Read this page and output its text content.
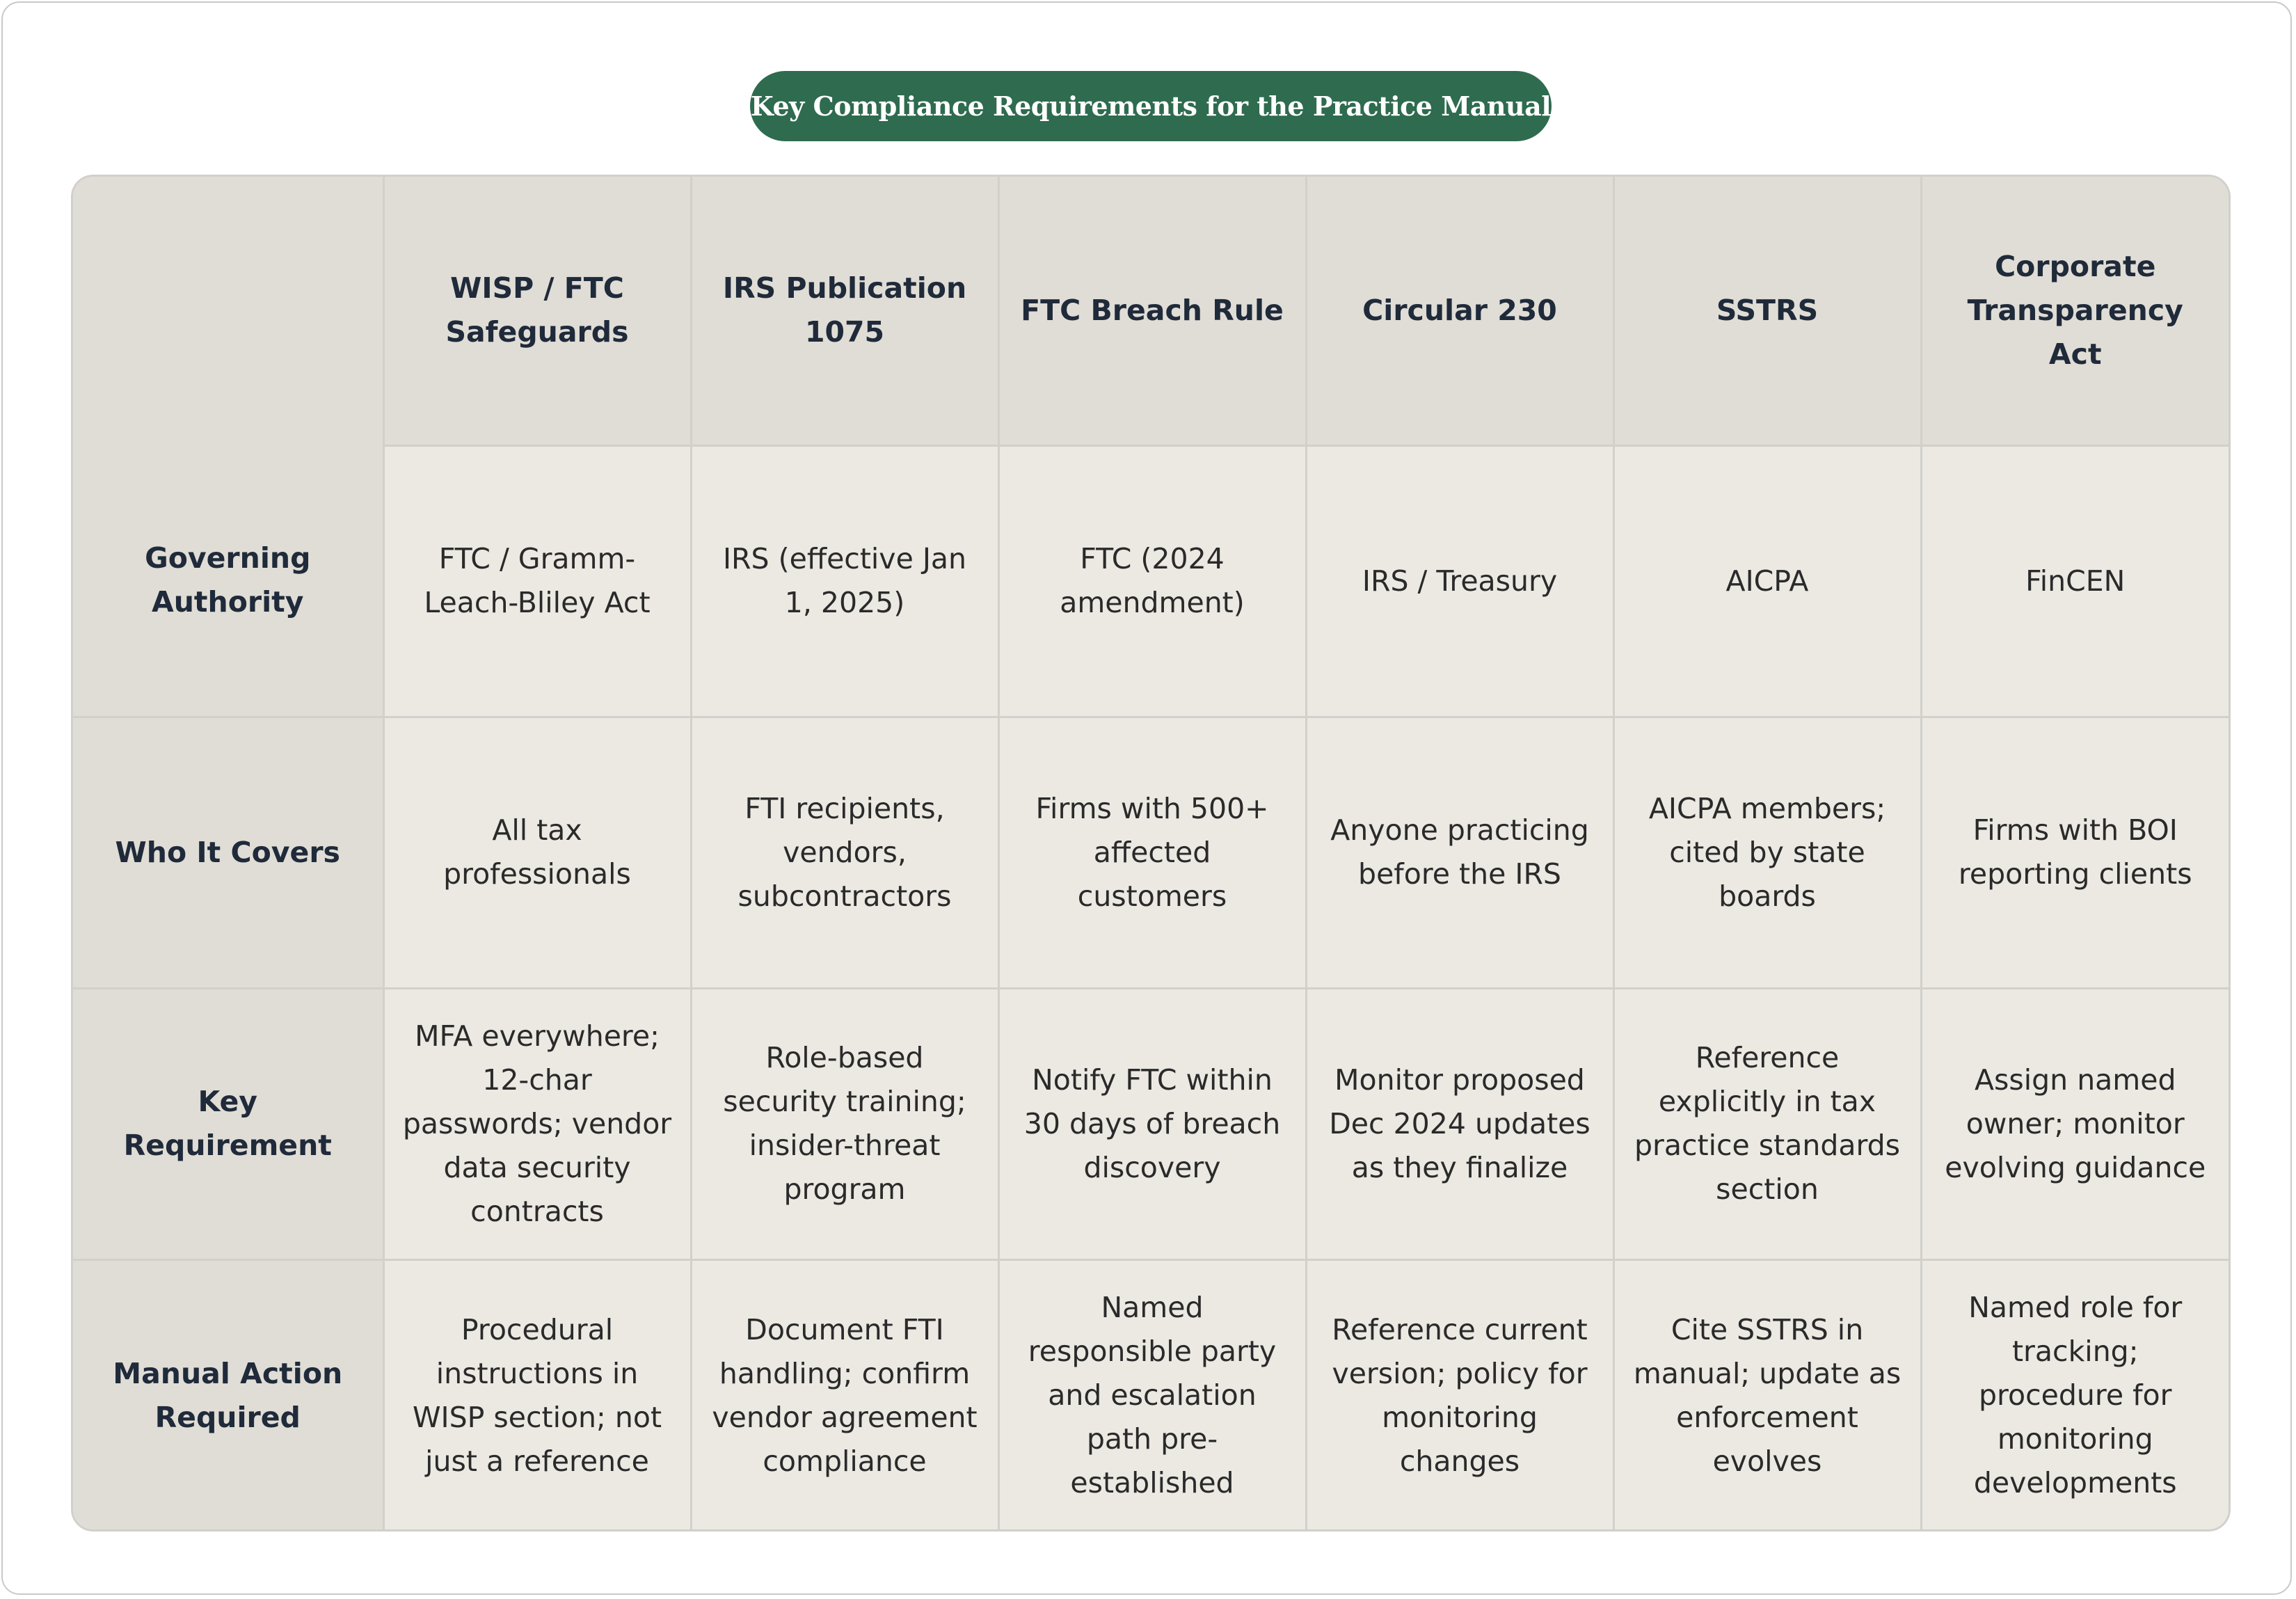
Key Compliance Requirements for the Practice Manual
	WISP / FTC Safeguards	IRS Publication 1075	FTC Breach Rule	Circular 230	SSTRS	Corporate Transparency Act
Governing Authority	FTC / Gramm-Leach-Bliley Act	IRS (effective Jan 1, 2025)	FTC (2024 amendment)	IRS / Treasury	AICPA	FinCEN
Who It Covers	All tax professionals	FTI recipients, vendors, subcontractors	Firms with 500+ affected customers	Anyone practicing before the IRS	AICPA members; cited by state boards	Firms with BOI reporting clients
Key Requirement	MFA everywhere; 12-char passwords; vendor data security contracts	Role-based security training; insider-threat program	Notify FTC within 30 days of breach discovery	Monitor proposed Dec 2024 updates as they finalize	Reference explicitly in tax practice standards section	Assign named owner; monitor evolving guidance
Manual Action Required	Procedural instructions in WISP section; not just a reference	Document FTI handling; confirm vendor agreement compliance	Named responsible party and escalation path pre-established	Reference current version; policy for monitoring changes	Cite SSTRS in manual; update as enforcement evolves	Named role for tracking; procedure for monitoring developments
